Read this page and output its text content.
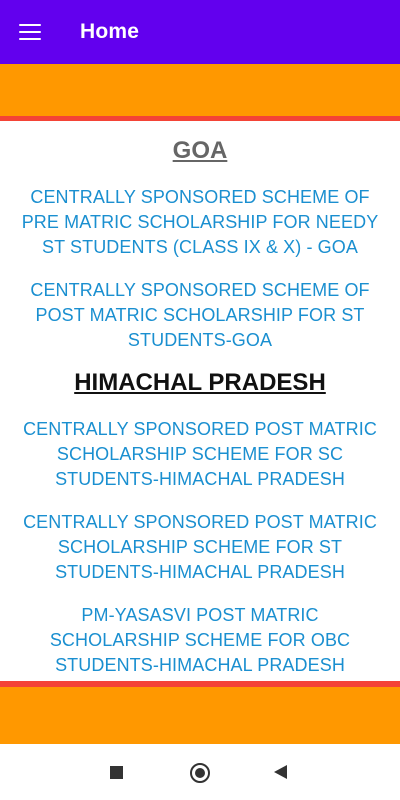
Home
GOA
CENTRALLY SPONSORED SCHEME OF PRE MATRIC SCHOLARSHIP FOR NEEDY ST STUDENTS (CLASS IX & X) - GOA
CENTRALLY SPONSORED SCHEME OF POST MATRIC SCHOLARSHIP FOR ST STUDENTS-GOA
HIMACHAL PRADESH
CENTRALLY SPONSORED POST MATRIC SCHOLARSHIP SCHEME FOR SC STUDENTS-HIMACHAL PRADESH
CENTRALLY SPONSORED POST MATRIC SCHOLARSHIP SCHEME FOR ST STUDENTS-HIMACHAL PRADESH
PM-YASASVI POST MATRIC SCHOLARSHIP SCHEME FOR OBC STUDENTS-HIMACHAL PRADESH
